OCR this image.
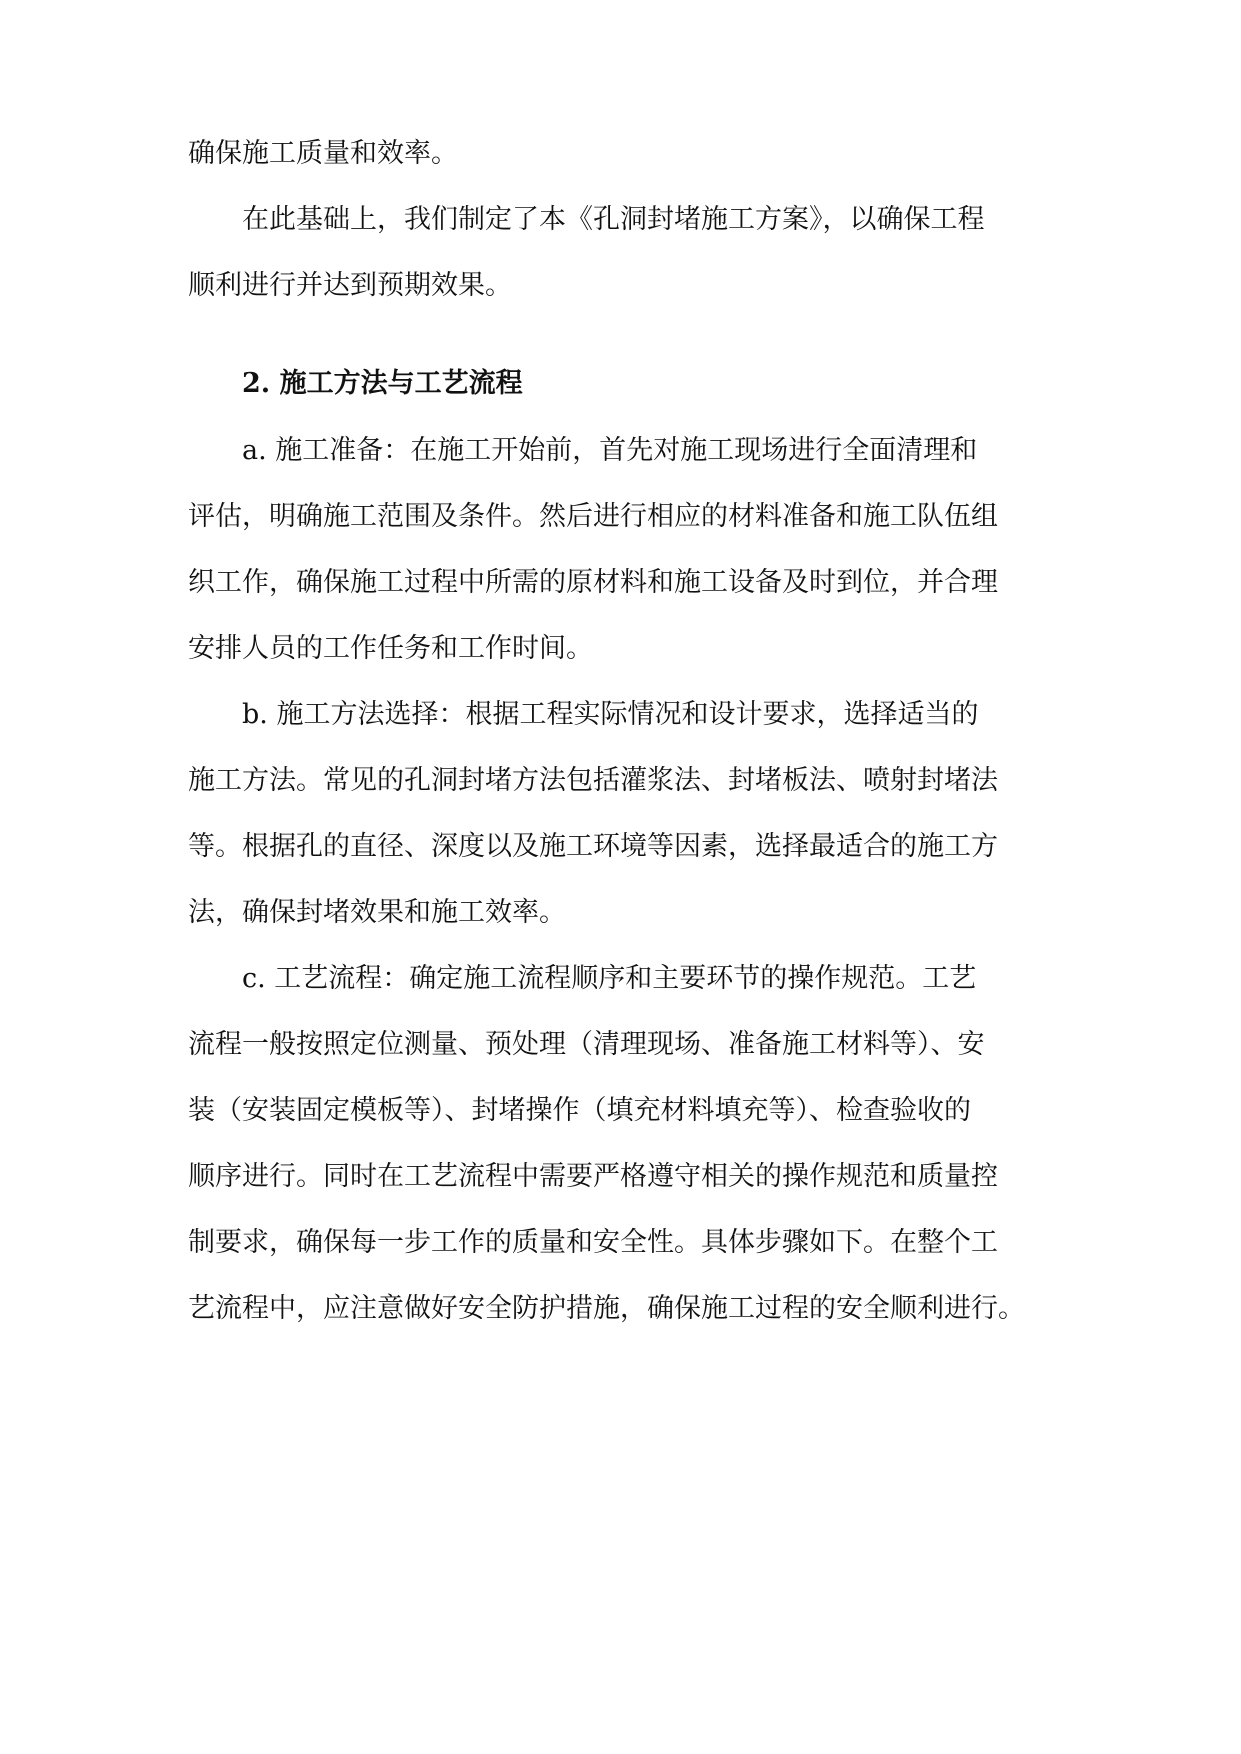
确保施工质量和效率。
　　在此基础上，我们制定了本《孔洞封堵施工方案》，以确保工程
顺利进行并达到预期效果。
　　2. 施工方法与工艺流程
　　a. 施工准备：在施工开始前，首先对施工现场进行全面清理和
评估，明确施工范围及条件。然后进行相应的材料准备和施工队伍组
织工作，确保施工过程中所需的原材料和施工设备及时到位，并合理
安排人员的工作任务和工作时间。
　　b. 施工方法选择：根据工程实际情况和设计要求，选择适当的
施工方法。常见的孔洞封堵方法包括灌浆法、封堵板法、喷射封堵法
等。根据孔的直径、深度以及施工环境等因素，选择最适合的施工方
法，确保封堵效果和施工效率。
　　c. 工艺流程：确定施工流程顺序和主要环节的操作规范。工艺
流程一般按照定位测量、预处理（清理现场、准备施工材料等）、安
装（安装固定模板等）、封堵操作（填充材料填充等）、检查验收的
顺序进行。同时在工艺流程中需要严格遵守相关的操作规范和质量控
制要求，确保每一步工作的质量和安全性。具体步骤如下。在整个工
艺流程中，应注意做好安全防护措施，确保施工过程的安全顺利进行。
